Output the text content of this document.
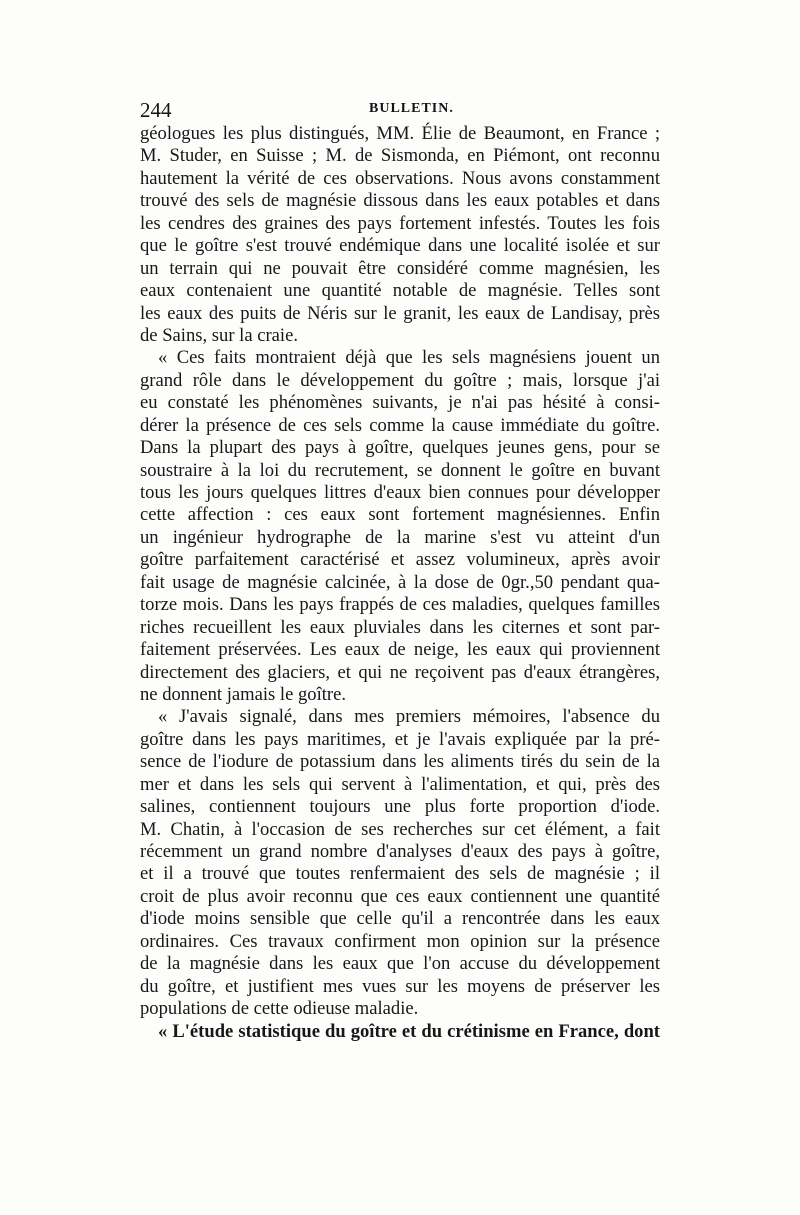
244	BULLETIN.
géologues les plus distingués, MM. Élie de Beaumont, en France ;
M. Studer, en Suisse ; M. de Sismonda, en Piémont, ont reconnu
hautement la vérité de ces observations. Nous avons constamment
trouvé des sels de magnésie dissous dans les eaux potables et dans
les cendres des graines des pays fortement infestés. Toutes les fois
que le goître s'est trouvé endémique dans une localité isolée et sur
un terrain qui ne pouvait être considéré comme magnésien, les
eaux contenaient une quantité notable de magnésie. Telles sont
les eaux des puits de Néris sur le granit, les eaux de Landisay, près
de Sains, sur la craie.
« Ces faits montraient déjà que les sels magnésiens jouent un
grand rôle dans le développement du goître ; mais, lorsque j'ai
eu constaté les phénomènes suivants, je n'ai pas hésité à consi-
dérer la présence de ces sels comme la cause immédiate du goître.
Dans la plupart des pays à goître, quelques jeunes gens, pour se
soustraire à la loi du recrutement, se donnent le goître en buvant
tous les jours quelques littres d'eaux bien connues pour développer
cette affection : ces eaux sont fortement magnésiennes. Enfin
un ingénieur hydrographe de la marine s'est vu atteint d'un
goître parfaitement caractérisé et assez volumineux, après avoir
fait usage de magnésie calcinée, à la dose de 0gr.,50 pendant qua-
torze mois. Dans les pays frappés de ces maladies, quelques familles
riches recueillent les eaux pluviales dans les citernes et sont par-
faitement préservées. Les eaux de neige, les eaux qui proviennent
directement des glaciers, et qui ne reçoivent pas d'eaux étrangères,
ne donnent jamais le goître.
« J'avais signalé, dans mes premiers mémoires, l'absence du
goître dans les pays maritimes, et je l'avais expliquée par la pré-
sence de l'iodure de potassium dans les aliments tirés du sein de la
mer et dans les sels qui servent à l'alimentation, et qui, près des
salines, contiennent toujours une plus forte proportion d'iode.
M. Chatin, à l'occasion de ses recherches sur cet élément, a fait
récemment un grand nombre d'analyses d'eaux des pays à goître,
et il a trouvé que toutes renfermaient des sels de magnésie ; il
croit de plus avoir reconnu que ces eaux contiennent une quantité
d'iode moins sensible que celle qu'il a rencontrée dans les eaux
ordinaires. Ces travaux confirment mon opinion sur la présence
de la magnésie dans les eaux que l'on accuse du développement
du goître, et justifient mes vues sur les moyens de préserver les
populations de cette odieuse maladie.
« L'étude statistique du goître et du crétinisme en France, dont
